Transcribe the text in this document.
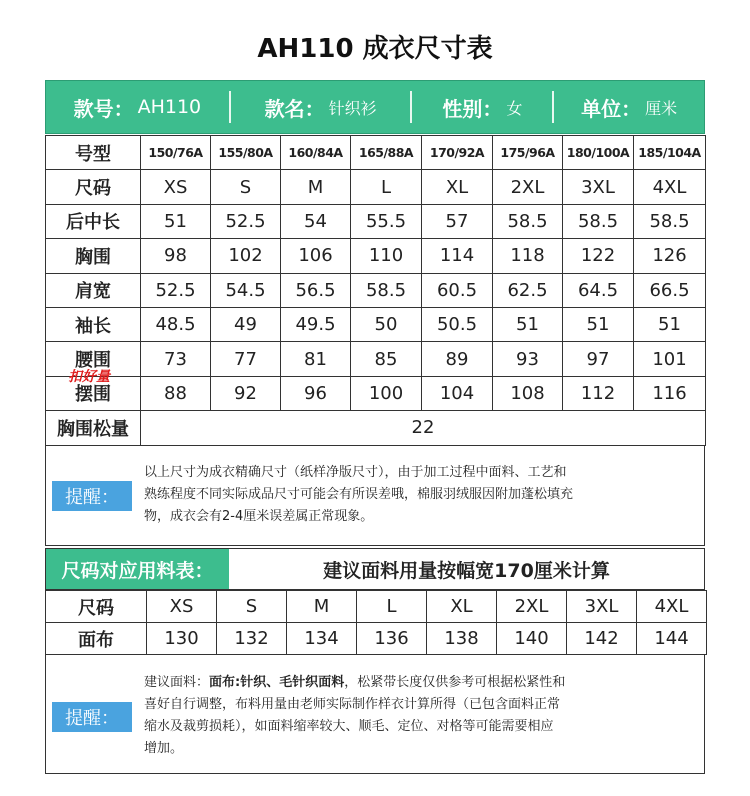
AH110 成衣尺寸表
款号： AH110	款名： 针织衫	性别： 女	单位： 厘米
号型	150/76A	155/80A	160/84A	165/88A	170/92A	175/96A	180/100A	185/104A
尺码	XS	S	M	L	XL	2XL	3XL	4XL
后中长	51	52.5	54	55.5	57	58.5	58.5	58.5
胸围	98	102	106	110	114	118	122	126
肩宽	52.5	54.5	56.5	58.5	60.5	62.5	64.5	66.5
袖长	48.5	49	49.5	50	50.5	51	51	51
腰围	73	77	81	85	89	93	97	101
摆围	88	92	96	100	104	108	112	116
胸围松量	22							
扣好量
提醒：
以上尺寸为成衣精确尺寸（纸样净版尺寸），由于加工过程中面料、工艺和
熟练程度不同实际成品尺寸可能会有所误差哦，棉服羽绒服因附加蓬松填充
物，成衣会有2-4厘米误差属正常现象。
尺码对应用料表：	建议面料用量按幅宽170厘米计算
尺码	XS	S	M	L	XL	2XL	3XL	4XL
面布	130	132	134	136	138	140	142	144
提醒：
建议面料：面布:针织、毛针织面料，松紧带长度仅供参考可根据松紧性和
喜好自行调整，布料用量由老师实际制作样衣计算所得（已包含面料正常
缩水及裁剪损耗），如面料缩率较大、顺毛、定位、对格等可能需要相应
增加。
